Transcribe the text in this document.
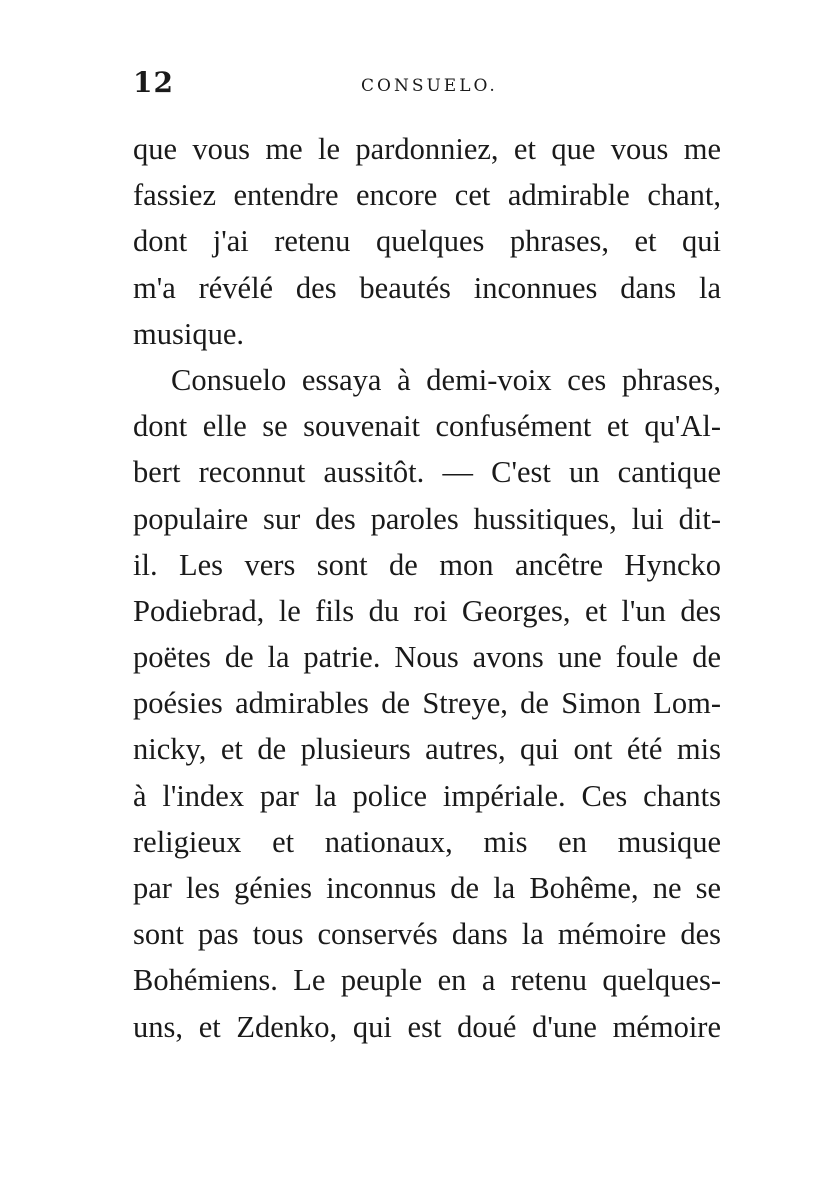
12	CONSUELO.
que vous me le pardonniez, et que vous me
fassiez entendre encore cet admirable chant,
dont j'ai retenu quelques phrases, et qui
m'a révélé des beautés inconnues dans la
musique.
Consuelo essaya à demi-voix ces phrases,
dont elle se souvenait confusément et qu'Al-
bert reconnut aussitôt. — C'est un cantique
populaire sur des paroles hussitiques, lui dit-
il. Les vers sont de mon ancêtre Hyncko
Podiebrad, le fils du roi Georges, et l'un des
poëtes de la patrie. Nous avons une foule de
poésies admirables de Streye, de Simon Lom-
nicky, et de plusieurs autres, qui ont été mis
à l'index par la police impériale. Ces chants
religieux et nationaux, mis en musique
par les génies inconnus de la Bohême, ne se
sont pas tous conservés dans la mémoire des
Bohémiens. Le peuple en a retenu quelques-
uns, et Zdenko, qui est doué d'une mémoire
